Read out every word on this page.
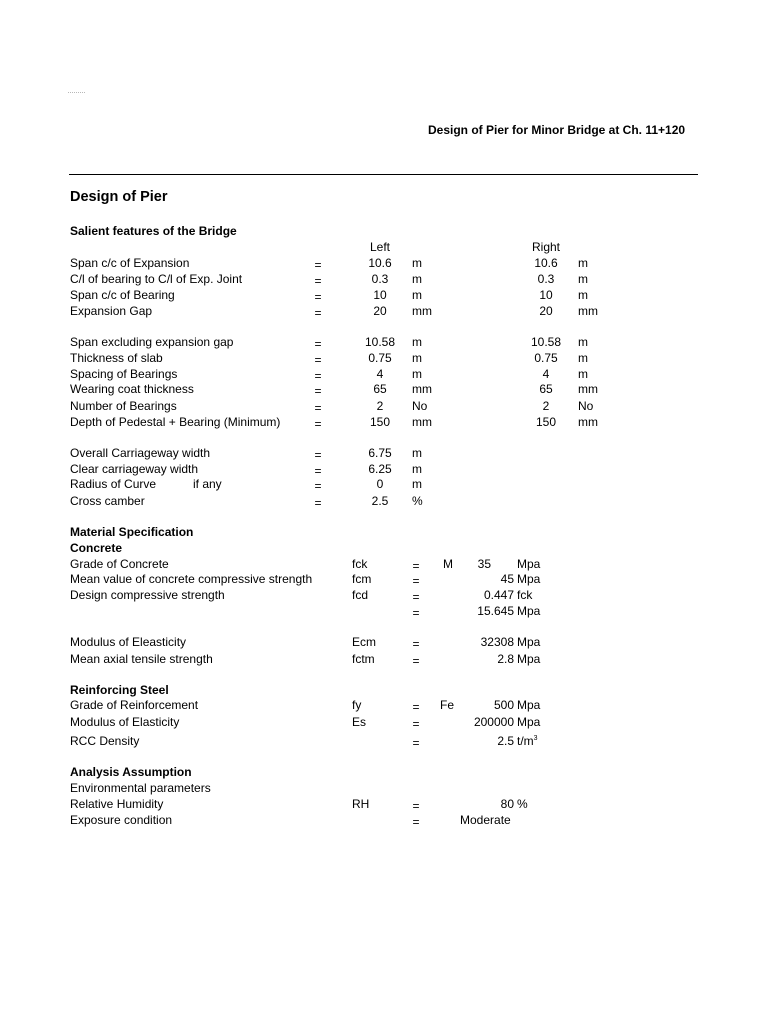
Design of Pier for Minor Bridge at Ch. 11+120
Design of Pier
Salient features of the Bridge
Left	Right
Span c/c of Expansion	=	10.6	m	10.6	m
C/l of bearing to C/l of Exp. Joint	=	0.3	m	0.3	m
Span c/c of Bearing	=	10	m	10	m
Expansion Gap	=	20	mm	20	mm
Span excluding expansion gap	=	10.58	m	10.58	m
Thickness of slab	=	0.75	m	0.75	m
Spacing of Bearings	=	4	m	4	m
Wearing coat thickness	=	65	mm	65	mm
Number of Bearings	=	2	No	2	No
Depth of Pedestal + Bearing (Minimum)	=	150	mm	150	mm
Overall Carriageway width	=	6.75	m
Clear carriageway width	=	6.25	m
Radius of Curve	if any	=	0	m
Cross camber	=	2.5	%
Material Specification
Concrete
Grade of Concrete	fck	= M	35 Mpa
Mean value of concrete compressive strength	fcm	=	45 Mpa
Design compressive strength	fcd	=	0.447 fck
=	15.645 Mpa
Modulus of Eleasticity	Ecm	=	32308 Mpa
Mean axial tensile strength	fctm	=	2.8 Mpa
Reinforcing Steel
Grade of Reinforcement	fy	= Fe	500 Mpa
Modulus of Elasticity	Es	=	200000 Mpa
RCC Density	=	2.5 $t/m^3$
Analysis Assumption
Environmental parameters
Relative Humidity	RH	=	80 %
Exposure condition	=	Moderate
